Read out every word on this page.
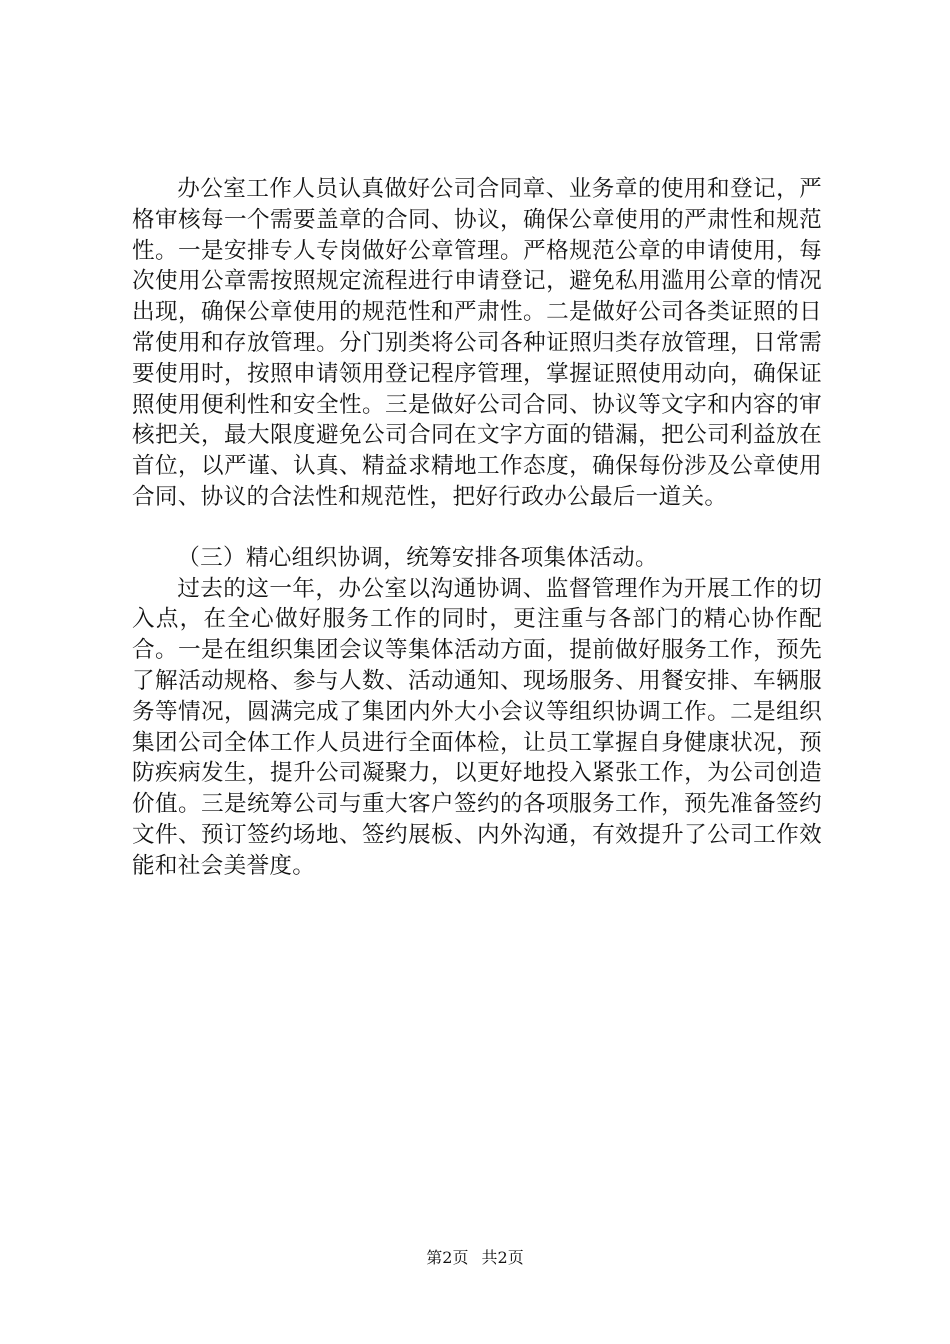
办公室工作人员认真做好公司合同章、业务章的使用和登记，严格审核每一个需要盖章的合同、协议，确保公章使用的严肃性和规范性。一是安排专人专岗做好公章管理。严格规范公章的申请使用，每次使用公章需按照规定流程进行申请登记，避免私用滥用公章的情况出现，确保公章使用的规范性和严肃性。二是做好公司各类证照的日常使用和存放管理。分门别类将公司各种证照归类存放管理，日常需要使用时，按照申请领用登记程序管理，掌握证照使用动向，确保证照使用便利性和安全性。三是做好公司合同、协议等文字和内容的审核把关，最大限度避免公司合同在文字方面的错漏，把公司利益放在首位，以严谨、认真、精益求精地工作态度，确保每份涉及公章使用合同、协议的合法性和规范性，把好行政办公最后一道关。

（三）精心组织协调，统筹安排各项集体活动。

过去的这一年，办公室以沟通协调、监督管理作为开展工作的切入点，在全心做好服务工作的同时，更注重与各部门的精心协作配合。一是在组织集团会议等集体活动方面，提前做好服务工作，预先了解活动规格、参与人数、活动通知、现场服务、用餐安排、车辆服务等情况，圆满完成了集团内外大小会议等组织协调工作。二是组织集团公司全体工作人员进行全面体检，让员工掌握自身健康状况，预防疾病发生，提升公司凝聚力，以更好地投入紧张工作，为公司创造价值。三是统筹公司与重大客户签约的各项服务工作，预先准备签约文件、预订签约场地、签约展板、内外沟通，有效提升了公司工作效能和社会美誉度。

第2页 共2页
